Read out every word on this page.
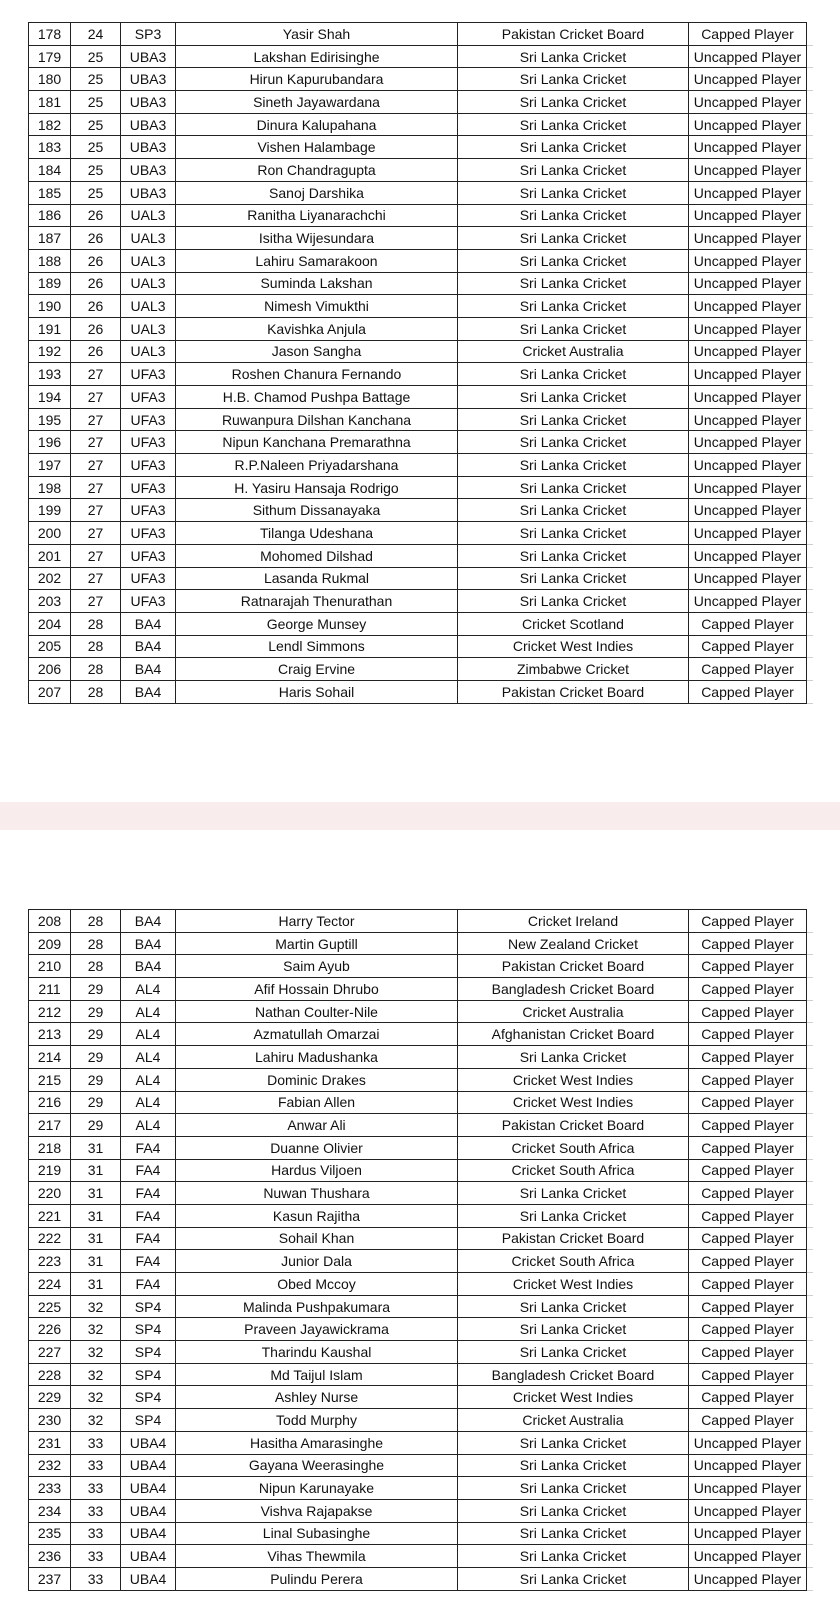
178	24	SP3	Yasir Shah	Pakistan Cricket Board	Capped Player	
179	25	UBA3	Lakshan Edirisinghe	Sri Lanka Cricket	Uncapped Player	
180	25	UBA3	Hirun Kapurubandara	Sri Lanka Cricket	Uncapped Player	
181	25	UBA3	Sineth Jayawardana	Sri Lanka Cricket	Uncapped Player	
182	25	UBA3	Dinura Kalupahana	Sri Lanka Cricket	Uncapped Player	
183	25	UBA3	Vishen Halambage	Sri Lanka Cricket	Uncapped Player	
184	25	UBA3	Ron Chandragupta	Sri Lanka Cricket	Uncapped Player	
185	25	UBA3	Sanoj Darshika	Sri Lanka Cricket	Uncapped Player	
186	26	UAL3	Ranitha Liyanarachchi	Sri Lanka Cricket	Uncapped Player	
187	26	UAL3	Isitha Wijesundara	Sri Lanka Cricket	Uncapped Player	
188	26	UAL3	Lahiru Samarakoon	Sri Lanka Cricket	Uncapped Player	
189	26	UAL3	Suminda Lakshan	Sri Lanka Cricket	Uncapped Player	
190	26	UAL3	Nimesh Vimukthi	Sri Lanka Cricket	Uncapped Player	
191	26	UAL3	Kavishka Anjula	Sri Lanka Cricket	Uncapped Player	
192	26	UAL3	Jason Sangha	Cricket Australia	Uncapped Player	
193	27	UFA3	Roshen Chanura Fernando	Sri Lanka Cricket	Uncapped Player	
194	27	UFA3	H.B. Chamod Pushpa Battage	Sri Lanka Cricket	Uncapped Player	
195	27	UFA3	Ruwanpura Dilshan Kanchana	Sri Lanka Cricket	Uncapped Player	
196	27	UFA3	Nipun Kanchana Premarathna	Sri Lanka Cricket	Uncapped Player	
197	27	UFA3	R.P.Naleen Priyadarshana	Sri Lanka Cricket	Uncapped Player	
198	27	UFA3	H. Yasiru Hansaja Rodrigo	Sri Lanka Cricket	Uncapped Player	
199	27	UFA3	Sithum Dissanayaka	Sri Lanka Cricket	Uncapped Player	
200	27	UFA3	Tilanga Udeshana	Sri Lanka Cricket	Uncapped Player	
201	27	UFA3	Mohomed Dilshad	Sri Lanka Cricket	Uncapped Player	
202	27	UFA3	Lasanda Rukmal	Sri Lanka Cricket	Uncapped Player	
203	27	UFA3	Ratnarajah Thenurathan	Sri Lanka Cricket	Uncapped Player	
204	28	BA4	George Munsey	Cricket Scotland	Capped Player	
205	28	BA4	Lendl Simmons	Cricket West Indies	Capped Player	
206	28	BA4	Craig Ervine	Zimbabwe Cricket	Capped Player	
207	28	BA4	Haris Sohail	Pakistan Cricket Board	Capped Player	
208	28	BA4	Harry Tector	Cricket Ireland	Capped Player	
209	28	BA4	Martin Guptill	New Zealand Cricket	Capped Player	
210	28	BA4	Saim Ayub	Pakistan Cricket Board	Capped Player	
211	29	AL4	Afif Hossain Dhrubo	Bangladesh Cricket Board	Capped Player	
212	29	AL4	Nathan Coulter-Nile	Cricket Australia	Capped Player	
213	29	AL4	Azmatullah Omarzai	Afghanistan Cricket Board	Capped Player	
214	29	AL4	Lahiru Madushanka	Sri Lanka Cricket	Capped Player	
215	29	AL4	Dominic Drakes	Cricket West Indies	Capped Player	
216	29	AL4	Fabian Allen	Cricket West Indies	Capped Player	
217	29	AL4	Anwar Ali	Pakistan Cricket Board	Capped Player	
218	31	FA4	Duanne Olivier	Cricket South Africa	Capped Player	
219	31	FA4	Hardus Viljoen	Cricket South Africa	Capped Player	
220	31	FA4	Nuwan Thushara	Sri Lanka Cricket	Capped Player	
221	31	FA4	Kasun Rajitha	Sri Lanka Cricket	Capped Player	
222	31	FA4	Sohail Khan	Pakistan Cricket Board	Capped Player	
223	31	FA4	Junior Dala	Cricket South Africa	Capped Player	
224	31	FA4	Obed Mccoy	Cricket West Indies	Capped Player	
225	32	SP4	Malinda Pushpakumara	Sri Lanka Cricket	Capped Player	
226	32	SP4	Praveen Jayawickrama	Sri Lanka Cricket	Capped Player	
227	32	SP4	Tharindu Kaushal	Sri Lanka Cricket	Capped Player	
228	32	SP4	Md Taijul Islam	Bangladesh Cricket Board	Capped Player	
229	32	SP4	Ashley Nurse	Cricket West Indies	Capped Player	
230	32	SP4	Todd Murphy	Cricket Australia	Capped Player	
231	33	UBA4	Hasitha Amarasinghe	Sri Lanka Cricket	Uncapped Player	
232	33	UBA4	Gayana Weerasinghe	Sri Lanka Cricket	Uncapped Player	
233	33	UBA4	Nipun Karunayake	Sri Lanka Cricket	Uncapped Player	
234	33	UBA4	Vishva Rajapakse	Sri Lanka Cricket	Uncapped Player	
235	33	UBA4	Linal Subasinghe	Sri Lanka Cricket	Uncapped Player	
236	33	UBA4	Vihas Thewmila	Sri Lanka Cricket	Uncapped Player	
237	33	UBA4	Pulindu Perera	Sri Lanka Cricket	Uncapped Player	
